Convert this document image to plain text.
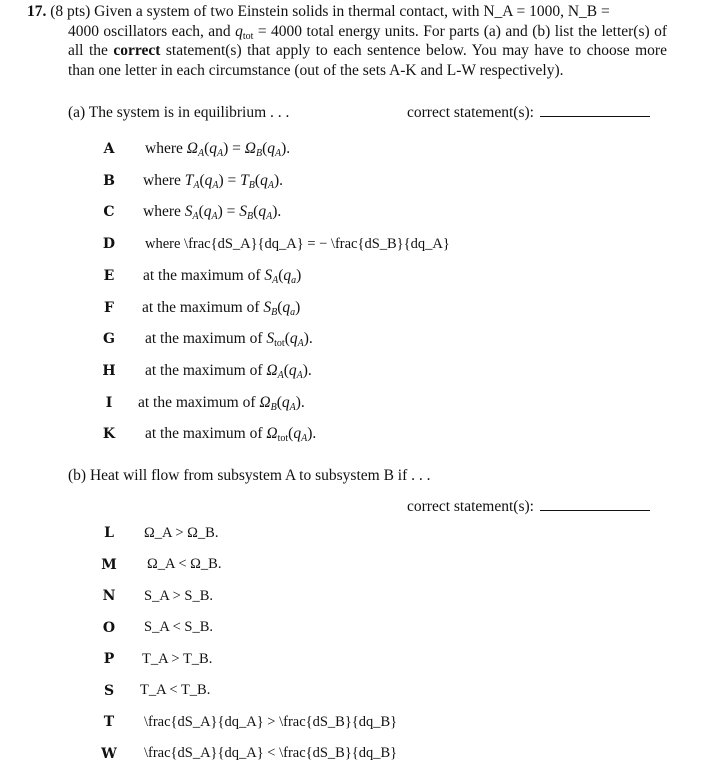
17. (8 pts) Given a system of two Einstein solids in thermal contact, with N_A = 1000, N_B =
4000 oscillators each, and $q_{tot} = 4000$ total energy units. For parts (a) and (b) list the letter(s) of all the correct statement(s) that apply to each sentence below. You may have to choose more than one letter in each circumstance (out of the sets A-K and L-W respectively).
(a) The system is in equilibrium . . .	correct statement(s):
A	where $\Omega_A(q_A) = \Omega_B(q_A)$.
B	where $T_A(q_A) = T_B(q_A)$.
C	where $S_A(q_A) = S_B(q_A)$.
D	where \frac{dS_A}{dq_A} = − \frac{dS_B}{dq_A}
E	at the maximum of $S_A(q_a)$
F	at the maximum of $S_B(q_a)$
G	at the maximum of $S_{tot}(q_A)$.
H at the maximum of $\Omega_A(q_A)$.
I	at the maximum of $\Omega_B(q_A)$.
K	at the maximum of $\Omega_{tot}(q_A)$.
(b) Heat will flow from subsystem A to subsystem B if . . .
correct statement(s):
L	Ω_A > Ω_B.
M Ω_A < Ω_B.
N	S_A > S_B.
O	S_A < S_B.
P	T_A > T_B.
S	T_A < T_B.
T	\frac{dS_A}{dq_A} > \frac{dS_B}{dq_B}
W \frac{dS_A}{dq_A} < \frac{dS_B}{dq_B}
